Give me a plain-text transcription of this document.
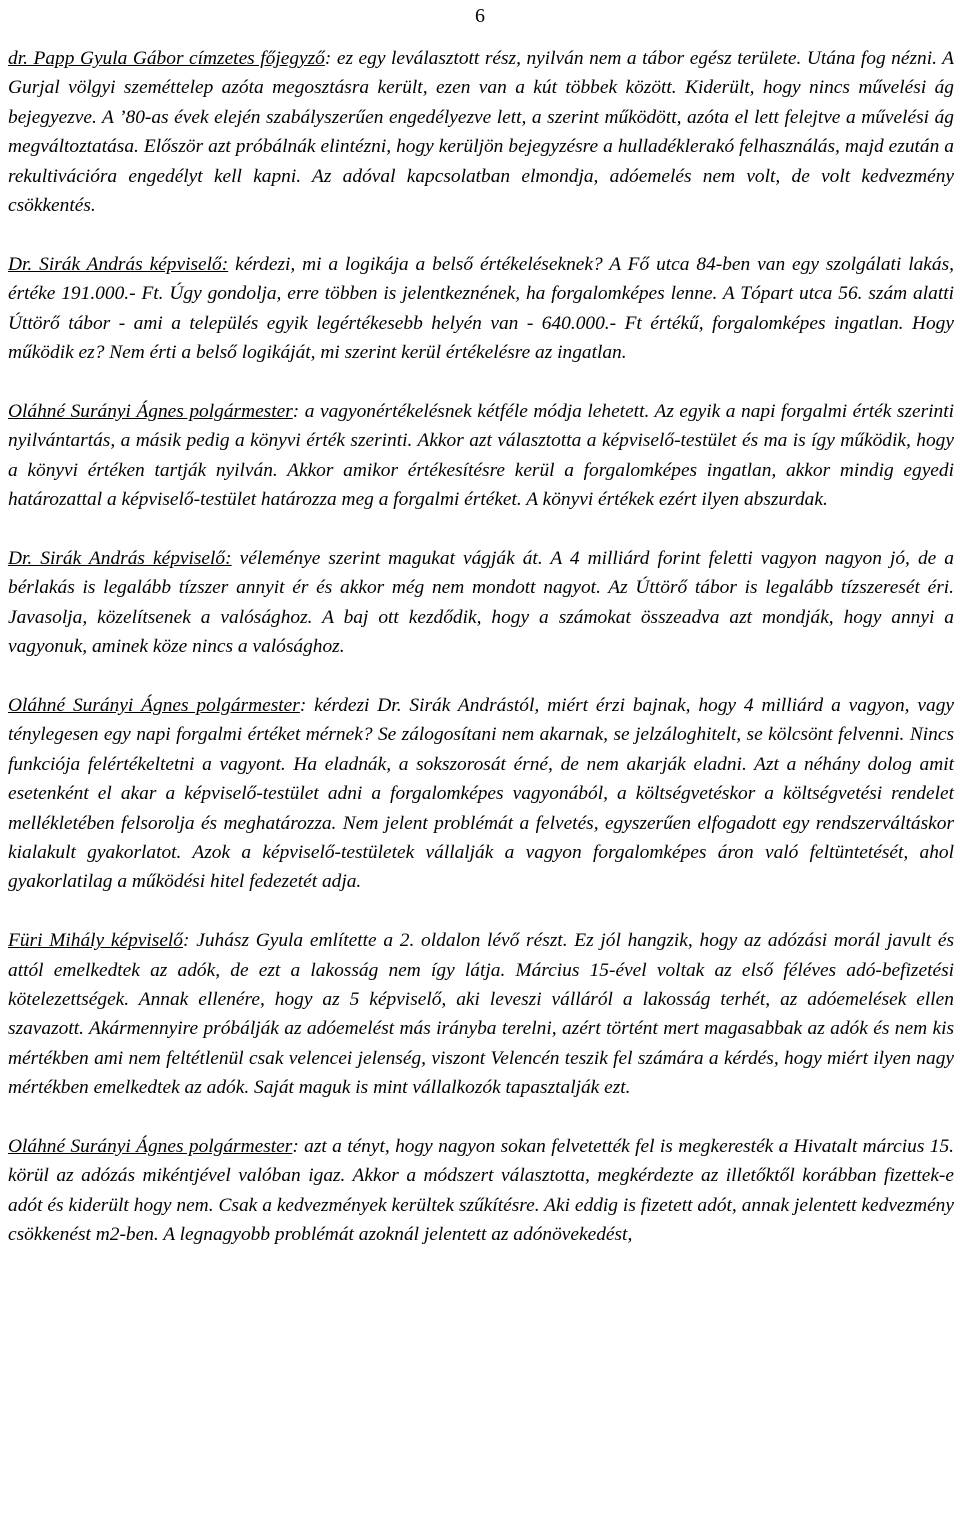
6

dr. Papp Gyula Gábor címzetes főjegyző: ez egy leválasztott rész, nyilván nem a tábor egész területe. Utána fog nézni. A Gurjal völgyi szeméttelep azóta megosztásra került, ezen van a kút többek között. Kiderült, hogy nincs művelési ág bejegyezve. A ’80-as évek elején szabályszerűen engedélyezve lett, a szerint működött, azóta el lett felejtve a művelési ág megváltoztatása. Először azt próbálnák elintézni, hogy kerüljön bejegyzésre a hulladéklerakó felhasználás, majd ezután a rekultivációra engedélyt kell kapni. Az adóval kapcsolatban elmondja, adóemelés nem volt, de volt kedvezmény csökkentés.

Dr. Sirák András képviselő: kérdezi, mi a logikája a belső értékeléseknek? A Fő utca 84-ben van egy szolgálati lakás, értéke 191.000.- Ft. Úgy gondolja, erre többen is jelentkeznének, ha forgalomképes lenne. A Tópart utca 56. szám alatti Úttörő tábor - ami a település egyik legértékesebb helyén van - 640.000.- Ft értékű, forgalomképes ingatlan. Hogy működik ez? Nem érti a belső logikáját, mi szerint kerül értékelésre az ingatlan.

Oláhné Surányi Ágnes polgármester: a vagyonértékelésnek kétféle módja lehetett. Az egyik a napi forgalmi érték szerinti nyilvántartás, a másik pedig a könyvi érték szerinti. Akkor azt választotta a képviselő-testület és ma is így működik, hogy a könyvi értéken tartják nyilván. Akkor amikor értékesítésre kerül a forgalomképes ingatlan, akkor mindig egyedi határozattal a képviselő-testület határozza meg a forgalmi értéket. A könyvi értékek ezért ilyen abszurdak.

Dr. Sirák András képviselő: véleménye szerint magukat vágják át. A 4 milliárd forint feletti vagyon nagyon jó, de a bérlakás is legalább tízszer annyit ér és akkor még nem mondott nagyot. Az Úttörő tábor is legalább tízszeresét éri. Javasolja, közelítsenek a valósághoz. A baj ott kezdődik, hogy a számokat összeadva azt mondják, hogy annyi a vagyonuk, aminek köze nincs a valósághoz.

Oláhné Surányi Ágnes polgármester: kérdezi Dr. Sirák Andrástól, miért érzi bajnak, hogy 4 milliárd a vagyon, vagy ténylegesen egy napi forgalmi értéket mérnek? Se zálogosítani nem akarnak, se jelzáloghitelt, se kölcsönt felvenni. Nincs funkciója felértékeltetni a vagyont. Ha eladnák, a sokszorosát érné, de nem akarják eladni. Azt a néhány dolog amit esetenként el akar a képviselő-testület adni a forgalomképes vagyonából, a költségvetéskor a költségvetési rendelet mellékletében felsorolja és meghatározza. Nem jelent problémát a felvetés, egyszerűen elfogadott egy rendszerváltáskor kialakult gyakorlatot. Azok a képviselő-testületek vállalják a vagyon forgalomképes áron való feltüntetését, ahol gyakorlatilag a működési hitel fedezetét adja.

Füri Mihály képviselő: Juhász Gyula említette a 2. oldalon lévő részt. Ez jól hangzik, hogy az adózási morál javult és attól emelkedtek az adók, de ezt a lakosság nem így látja. Március 15-ével voltak az első féléves adó-befizetési kötelezettségek. Annak ellenére, hogy az 5 képviselő, aki leveszi válláról a lakosság terhét, az adóemelések ellen szavazott. Akármennyire próbálják az adóemelést más irányba terelni, azért történt mert magasabbak az adók és nem kis mértékben ami nem feltétlenül csak velencei jelenség, viszont Velencén teszik fel számára a kérdés, hogy miért ilyen nagy mértékben emelkedtek az adók. Saját maguk is mint vállalkozók tapasztalják ezt.

Oláhné Surányi Ágnes polgármester: azt a tényt, hogy nagyon sokan felvetették fel is megkeresték a Hivatalt március 15. körül az adózás mikéntjével valóban igaz. Akkor a módszert választotta, megkérdezte az illetőktől korábban fizettek-e adót és kiderült hogy nem. Csak a kedvezmények kerültek szűkítésre. Aki eddig is fizetett adót, annak jelentett kedvezmény csökkenést m2-ben. A legnagyobb problémát azoknál jelentett az adónövekedést,
